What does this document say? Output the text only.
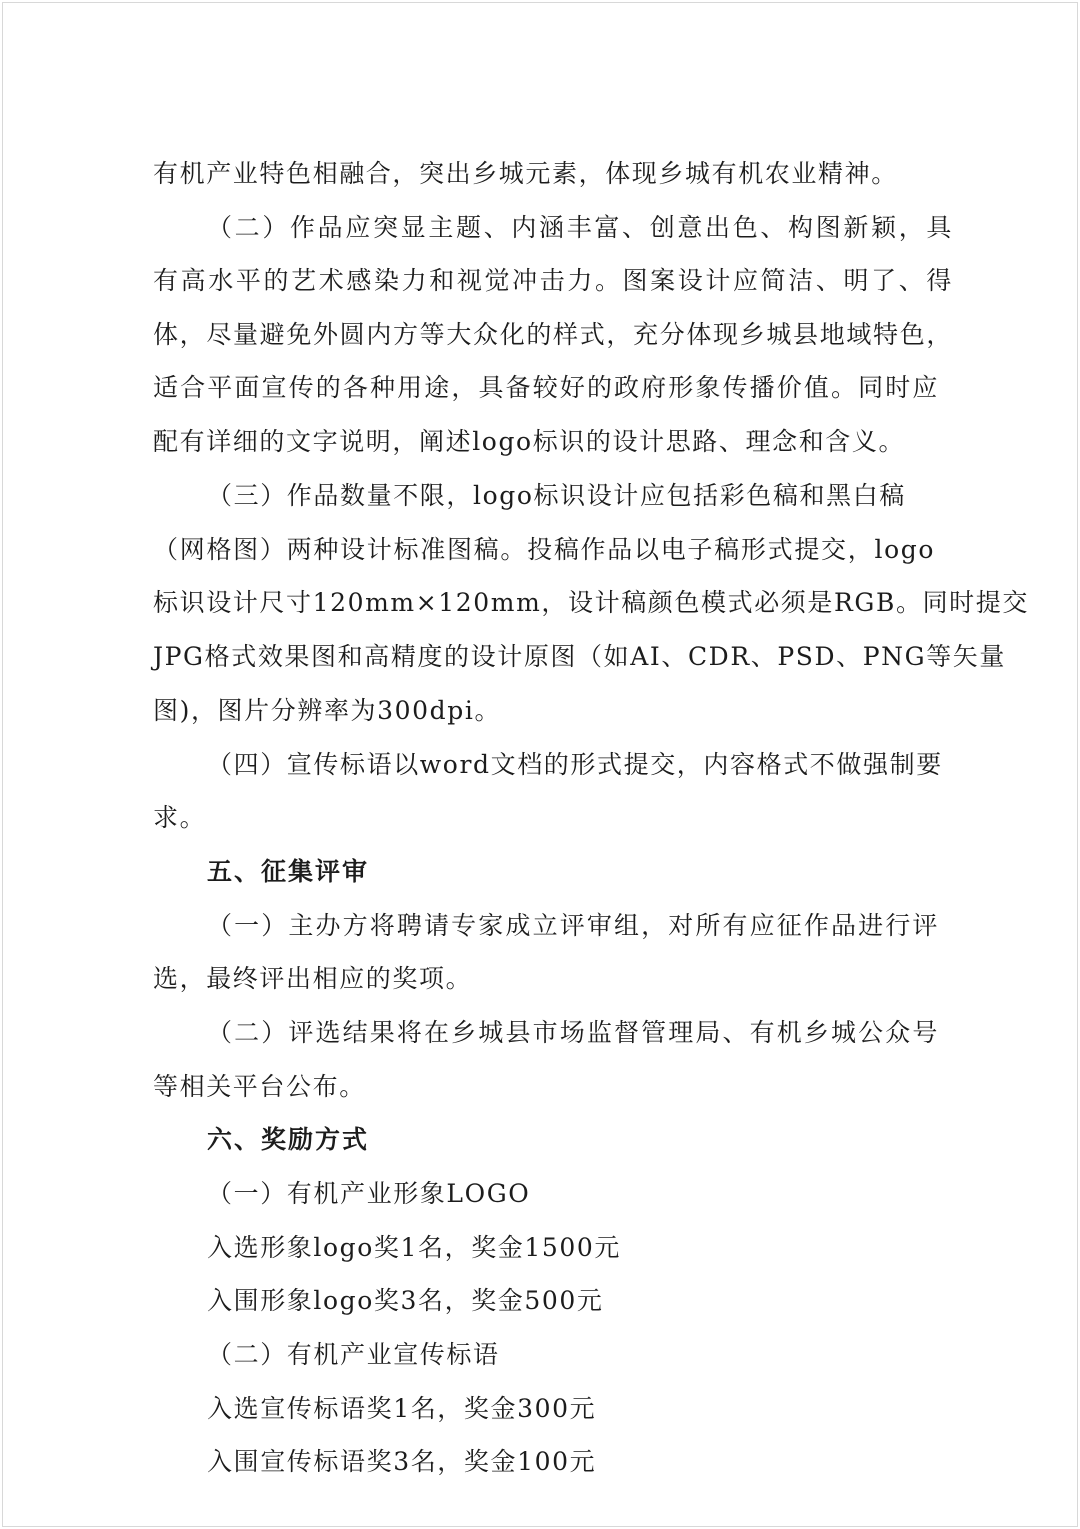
有机产业特色相融合，突出乡城元素，体现乡城有机农业精神。
（二）作品应突显主题、内涵丰富、创意出色、构图新颖，具
有高水平的艺术感染力和视觉冲击力。图案设计应简洁、明了、得
体，尽量避免外圆内方等大众化的样式，充分体现乡城县地域特色，
适合平面宣传的各种用途，具备较好的政府形象传播价值。同时应
配有详细的文字说明，阐述logo标识的设计思路、理念和含义。
（三）作品数量不限，logo标识设计应包括彩色稿和黑白稿
（网格图）两种设计标准图稿。投稿作品以电子稿形式提交，logo
标识设计尺寸120mm×120mm，设计稿颜色模式必须是RGB。同时提交
JPG格式效果图和高精度的设计原图（如AI、CDR、PSD、PNG等矢量
图)，图片分辨率为300dpi。
（四）宣传标语以word文档的形式提交，内容格式不做强制要
求。
五、征集评审
（一）主办方将聘请专家成立评审组，对所有应征作品进行评
选，最终评出相应的奖项。
（二）评选结果将在乡城县市场监督管理局、有机乡城公众号
等相关平台公布。
六、奖励方式
（一）有机产业形象LOGO
入选形象logo奖1名，奖金1500元
入围形象logo奖3名，奖金500元
（二）有机产业宣传标语
入选宣传标语奖1名，奖金300元
入围宣传标语奖3名，奖金100元
